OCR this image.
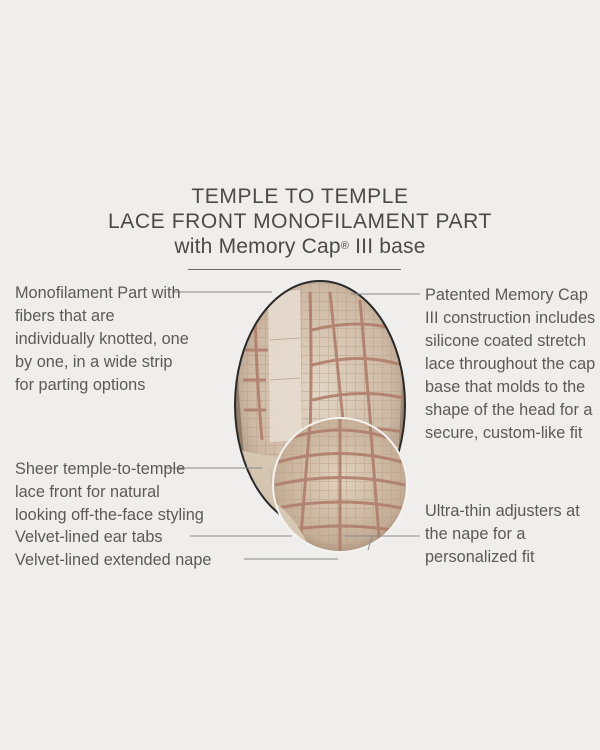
TEMPLE TO TEMPLE
LACE FRONT MONOFILAMENT PART
with Memory Cap® III base
Monofilament Part with fibers that are individually knotted, one by one, in a wide strip for parting options
Sheer temple-to-temple lace front for natural looking off-the-face styling
Velvet-lined ear tabs
Velvet-lined extended nape
Patented Memory Cap III construction includes silicone coated stretch lace throughout the cap base that molds to the shape of the head for a secure, custom-like fit
Ultra-thin adjusters at the nape for a personalized fit
